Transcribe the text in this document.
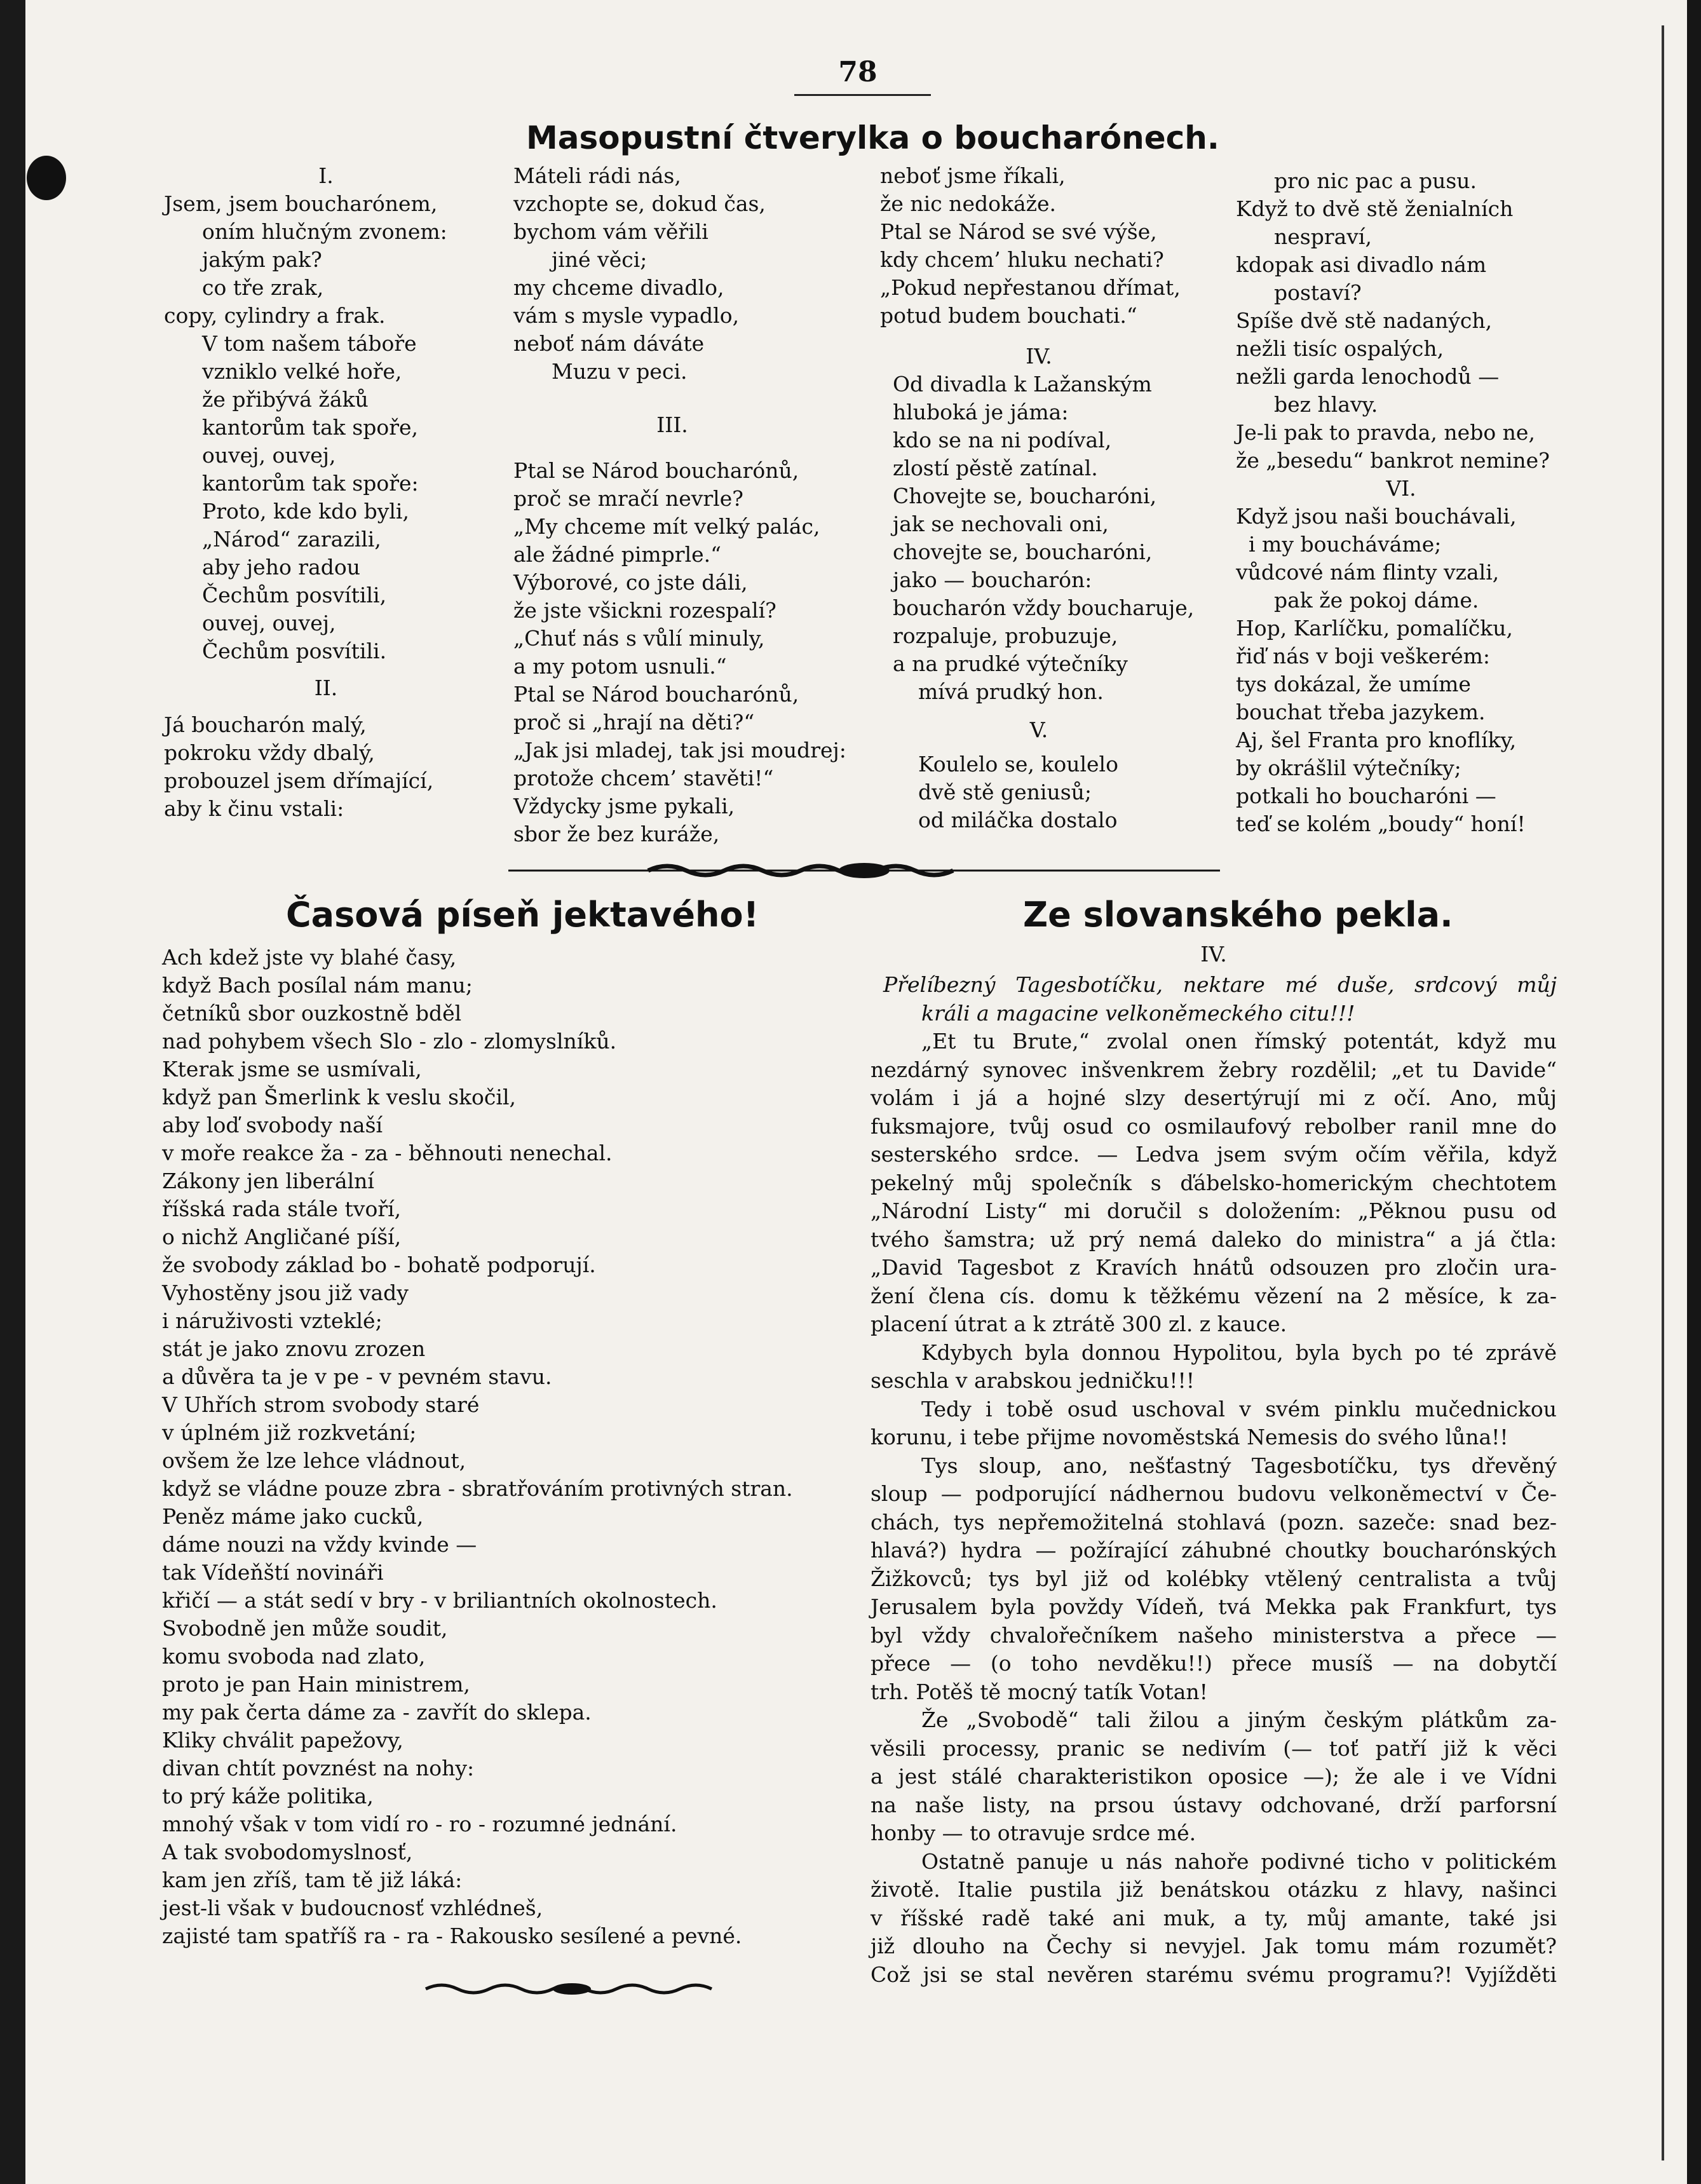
78
Masopustní čtverylka o boucharónech.
I.
Jsem, jsem boucharónem,
oním hlučným zvonem:
jakým pak?
co tře zrak,
copy, cylindry a frak.
V tom našem táboře
vzniklo velké hoře,
že přibývá žáků
kantorům tak spoře,
ouvej, ouvej,
kantorům tak spoře:
Proto, kde kdo byli,
„Národ“ zarazili,
aby jeho radou
Čechům posvítili,
ouvej, ouvej,
Čechům posvítili.
II.
Já boucharón malý,
pokroku vždy dbalý,
probouzel jsem dřímající,
aby k činu vstali:
Máteli rádi nás,
vzchopte se, dokud čas,
bychom vám věřili
jiné věci;
my chceme divadlo,
vám s mysle vypadlo,
neboť nám dáváte
Muzu v peci.
III.
Ptal se Národ boucharónů,
proč se mračí nevrle?
„My chceme mít velký palác,
ale žádné pimprle.“
Výborové, co jste dáli,
že jste všickni rozespalí?
„Chuť nás s vůlí minuly,
a my potom usnuli.“
Ptal se Národ boucharónů,
proč si „hrají na děti?“
„Jak jsi mladej, tak jsi moudrej:
protože chcem’ stavěti!“
Vždycky jsme pykali,
sbor že bez kuráže,
neboť jsme říkali,
že nic nedokáže.
Ptal se Národ se své výše,
kdy chcem’ hluku nechati?
„Pokud nepřestanou dřímat,
potud budem bouchati.“
IV.
Od divadla k Lažanským
hluboká je jáma:
kdo se na ni podíval,
zlostí pěstě zatínal.
Chovejte se, boucharóni,
jak se nechovali oni,
chovejte se, boucharóni,
jako — boucharón:
boucharón vždy boucharuje,
rozpaluje, probuzuje,
a na prudké výtečníky
mívá prudký hon.
V.
Koulelo se, koulelo
dvě stě geniusů;
od miláčka dostalo
pro nic pac a pusu.
Když to dvě stě ženialních
nespraví,
kdopak asi divadlo nám
postaví?
Spíše dvě stě nadaných,
nežli tisíc ospalých,
nežli garda lenochodů —
bez hlavy.
Je-li pak to pravda, nebo ne,
že „besedu“ bankrot nemine?
VI.
Když jsou naši bouchávali,
i my boucháváme;
vůdcové nám flinty vzali,
pak že pokoj dáme.
Hop, Karlíčku, pomalíčku,
řiď nás v boji veškerém:
tys dokázal, že umíme
bouchat třeba jazykem.
Aj, šel Franta pro knoflíky,
by okrášlil výtečníky;
potkali ho boucharóni —
teď se kolém „boudy“ honí!
Časová píseň jektavého!
Ach kdež jste vy blahé časy,
když Bach posílal nám manu;
četníků sbor ouzkostně bděl
nad pohybem všech Slo - zlo - zlomyslníků.
Kterak jsme se usmívali,
když pan Šmerlink k veslu skočil,
aby loď svobody naší
v moře reakce ža - za - běhnouti nenechal.
Zákony jen liberální
říšská rada stále tvoří,
o nichž Angličané píší,
že svobody základ bo - bohatě podporují.
Vyhostěny jsou již vady
i náruživosti vzteklé;
stát je jako znovu zrozen
a důvěra ta je v pe - v pevném stavu.
V Uhřích strom svobody staré
v úplném již rozkvetání;
ovšem že lze lehce vládnout,
když se vládne pouze zbra - sbratřováním protivných stran.
Peněz máme jako cucků,
dáme nouzi na vždy kvinde —
tak Vídeňští novináři
křičí — a stát sedí v bry - v briliantních okolnostech.
Svobodně jen může soudit,
komu svoboda nad zlato,
proto je pan Hain ministrem,
my pak čerta dáme za - zavřít do sklepa.
Kliky chválit papežovy,
divan chtít povznést na nohy:
to prý káže politika,
mnohý však v tom vidí ro - ro - rozumné jednání.
A tak svobodomyslnosť,
kam jen zříš, tam tě již láká:
jest-li však v budoucnosť vzhlédneš,
zajisté tam spatříš ra - ra - Rakousko sesílené a pevné.
Ze slovanského pekla.
IV.
Přelíbezný Tagesbotíčku, nektare mé duše, srdcový můj
králi a magacine velkoněmeckého citu!!!
„Et tu Brute,“ zvolal onen římský potentát, když mu
nezdárný synovec inšvenkrem žebry rozdělil; „et tu Davide“
volám i já a hojné slzy desertýrují mi z očí. Ano, můj
fuksmajore, tvůj osud co osmilaufový rebolber ranil mne do
sesterského srdce. — Ledva jsem svým očím věřila, když
pekelný můj společník s ďábelsko-homerickým chechtotem
„Národní Listy“ mi doručil s doložením: „Pěknou pusu od
tvého šamstra; už prý nemá daleko do ministra“ a já čtla:
„David Tagesbot z Kravích hnátů odsouzen pro zločin ura-
žení člena cís. domu k těžkému vězení na 2 měsíce, k za-
placení útrat a k ztrátě 300 zl. z kauce.
Kdybych byla donnou Hypolitou, byla bych po té zprávě
seschla v arabskou jedničku!!!
Tedy i tobě osud uschoval v svém pinklu mučednickou
korunu, i tebe přijme novoměstská Nemesis do svého lůna!!
Tys sloup, ano, nešťastný Tagesbotíčku, tys dřevěný
sloup — podporující nádhernou budovu velkoněmectví v Če-
chách, tys nepřemožitelná stohlavá (pozn. sazeče: snad bez-
hlavá?) hydra — požírající záhubné choutky boucharónských
Žižkovců; tys byl již od kolébky vtělený centralista a tvůj
Jerusalem byla povždy Vídeň, tvá Mekka pak Frankfurt, tys
byl vždy chvalořečníkem našeho ministerstva a přece —
přece — (o toho nevděku!!) přece musíš — na dobytčí
trh. Potěš tě mocný tatík Votan!
Že „Svobodě“ tali žilou a jiným českým plátkům za-
věsili processy, pranic se nedivím (— toť patří již k věci
a jest stálé charakteristikon oposice —); že ale i ve Vídni
na naše listy, na prsou ústavy odchované, drží parforsní
honby — to otravuje srdce mé.
Ostatně panuje u nás nahoře podivné ticho v politickém
životě. Italie pustila již benátskou otázku z hlavy, našinci
v říšské radě také ani muk, a ty, můj amante, také jsi
již dlouho na Čechy si nevyjel. Jak tomu mám rozumět?
Což jsi se stal nevěren starému svému programu?! Vyjížděti
